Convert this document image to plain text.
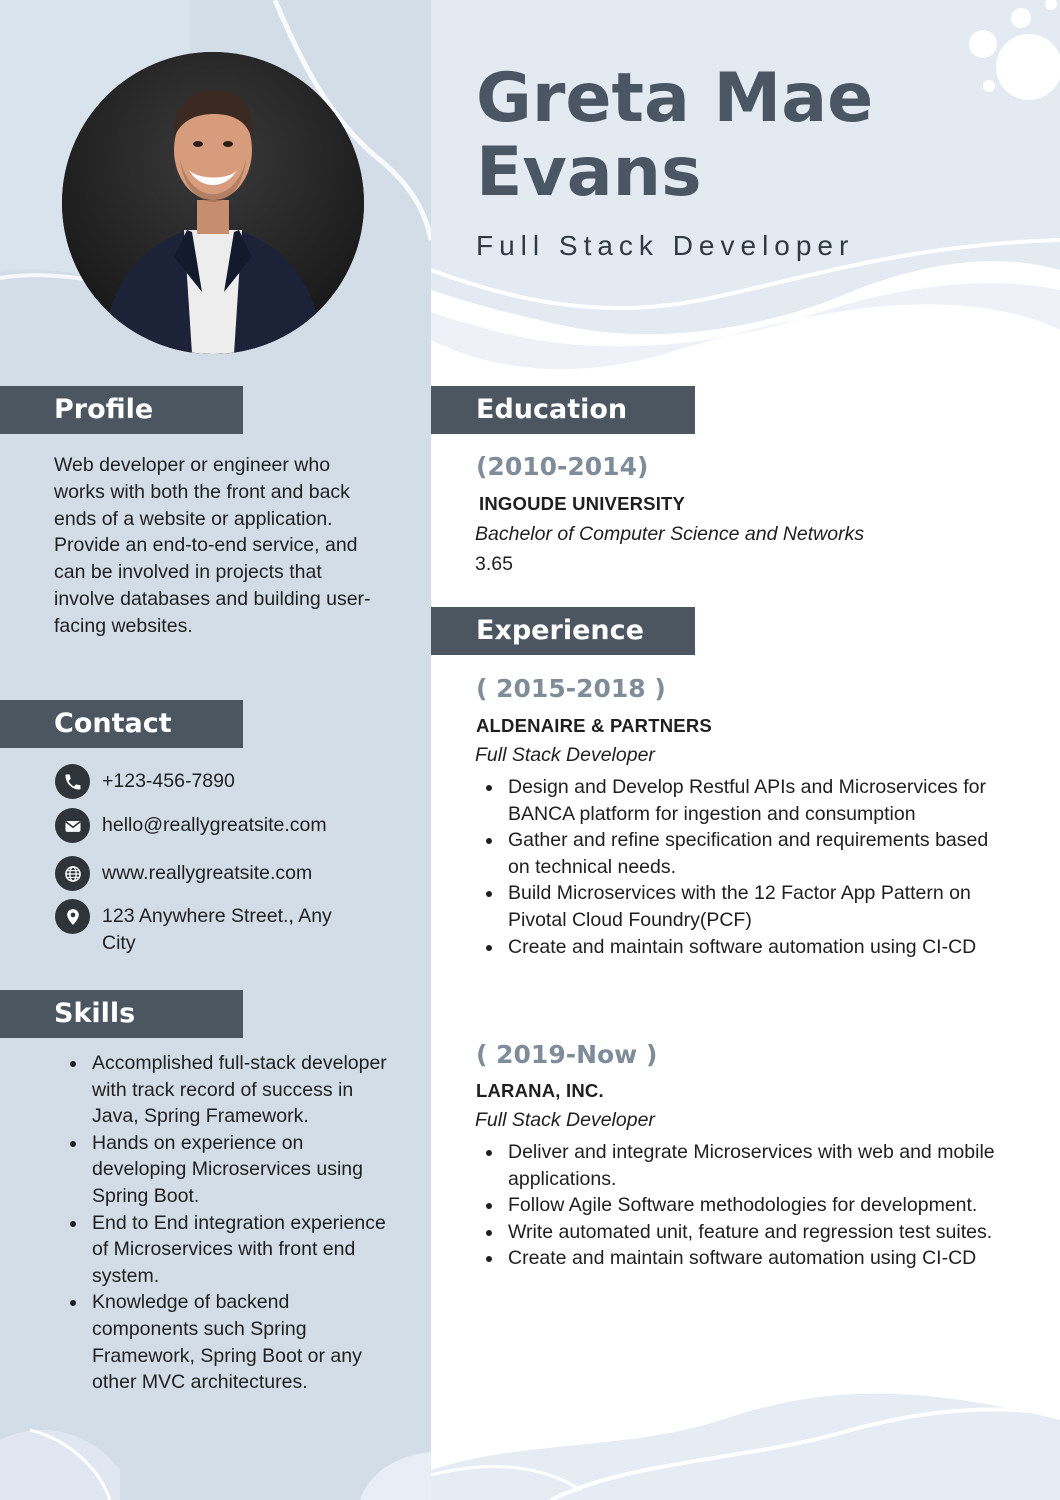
Greta Mae
Evans
Full Stack Developer
Profile

Web developer or engineer who works with both the front and back ends of a website or application. Provide an end-to-end service, and can be involved in projects that involve databases and building user-facing websites.

Contact
+123-456-7890
hello@reallygreatsite.com
www.reallygreatsite.com
123 Anywhere Street., Any City
Skills
Accomplished full-stack developer with track record of success in Java, Spring Framework.
Hands on experience on developing Microservices using Spring Boot.
End to End integration experience of Microservices with front end system.
Knowledge of backend components such Spring Framework, Spring Boot or any other MVC architectures.
Education

(2010-2014)

INGOUDE UNIVERSITY

Bachelor of Computer Science and Networks

3.65

Experience

( 2015-2018 )

ALDENAIRE & PARTNERS

Full Stack Developer

Design and Develop Restful APIs and Microservices for BANCA platform for ingestion and consumption
Gather and refine specification and requirements based on technical needs.
Build Microservices with the 12 Factor App Pattern on Pivotal Cloud Foundry(PCF)
Create and maintain software automation using CI-CD

( 2019-Now )

LARANA, INC.

Full Stack Developer

Deliver and integrate Microservices with web and mobile applications.
Follow Agile Software methodologies for development.
Write automated unit, feature and regression test suites.
Create and maintain software automation using CI-CD
